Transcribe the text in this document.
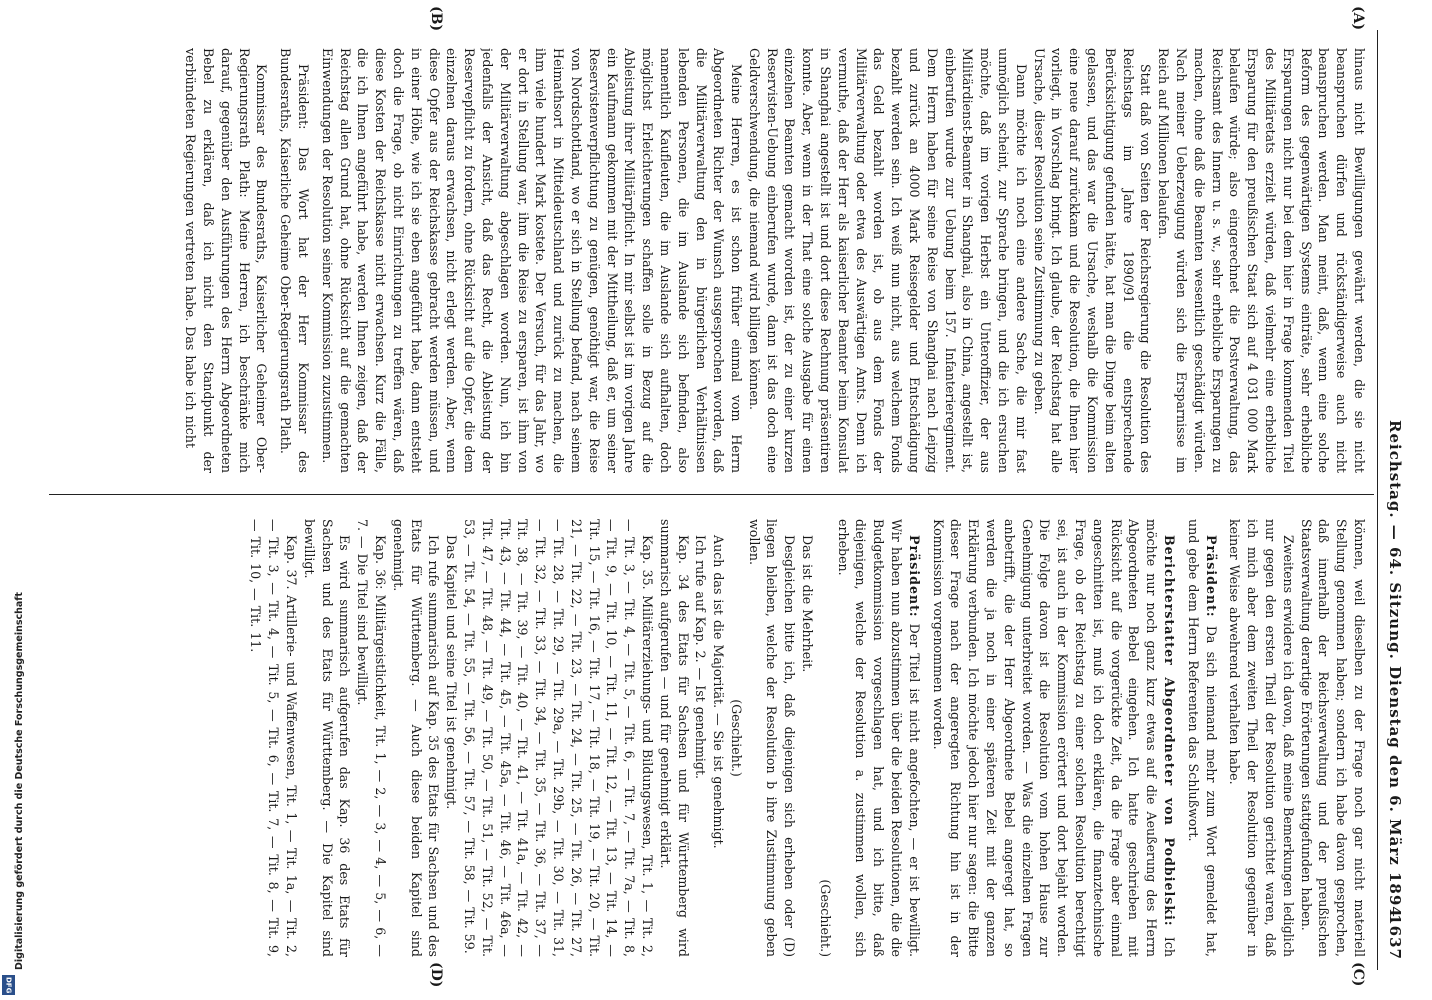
Reichstag. — 64. Sitzung. Dienstag den 6. März 1894.
1637
(A)
(B)
(C)
(D)

hinaus nicht Bewilligungen gewährt werden, die sie nicht beanspruchen dürfen und rückständigerweise auch nicht beanspruchen werden. Man meint, daß, wenn eine solche Reform des gegenwärtigen Systems einträte, sehr erhebliche Ersparungen nicht nur bei dem hier in Frage kommenden Titel des Militäretats erzielt würden, daß vielmehr eine erhebliche Ersparung für den preußischen Staat sich auf 4 031 000 Mark belaufen würde; also eingerechnet die Postverwaltung, das Reichsamt des Innern u. s. w., sehr erhebliche Ersparungen zu machen, ohne daß die Beamten wesentlich geschädigt würden. Nach meiner Ueberzeugung würden sich die Ersparnisse im Reich auf Millionen belaufen.

Statt daß von Seiten der Reichsregierung die Resolution des Reichstags im Jahre 1890/91 die entsprechende Berücksichtigung gefunden hätte, hat man die Dinge beim alten gelassen, und das war die Ursache, weshalb die Kommission eine neue darauf zurückkam und die Resolution, die Ihnen hier vorliegt, in Vorschlag bringt. Ich glaube, der Reichstag hat alle Ursache, dieser Resolution seine Zustimmung zu geben.

Dann möchte ich noch eine andere Sache, die mir fast unmöglich scheint, zur Sprache bringen, und die ich ersuchen möchte, daß im vorigen Herbst ein Unteroffizier, der aus Militärdienst-Beamter in Shanghai, also in China, angestellt ist, einberufen wurde zur Uebung beim 157. Infanterieregiment. Dem Herrn haben für seine Reise von Shanghai nach Leipzig und zurück an 4000 Mark Reisegelder und Entschädigung bezahlt werden sein. Ich weiß nun nicht, aus welchem Fonds das Geld bezahlt worden ist, ob aus dem Fonds der Militärverwaltung oder etwa des Auswärtigen Amts. Denn ich vermuthe, daß der Herr als kaiserlicher Beamter beim Konsulat in Shanghai angestellt ist und dort diese Rechnung präsentiren konnte. Aber, wenn in der That eine solche Ausgabe für einen einzelnen Beamten gemacht worden ist, der zu einer kurzen Reservisten-Uebung einberufen wurde, dann ist das doch eine Geldverschwendung, die niemand wird billigen können.

Meine Herren, es ist schon früher einmal vom Herrn Abgeordneten Richter der Wunsch ausgesprochen worden, daß die Militärverwaltung den in bürgerlichen Verhältnissen lebenden Personen, die im Auslande sich befinden, also namentlich Kaufleuten, die im Auslande sich aufhalten, doch möglichst Erleichterungen schaffen solle in Bezug auf die Ableistung ihrer Militärpflicht. In mir selbst ist im vorigen Jahre ein Kaufmann gekommen mit der Mittheilung, daß er, um seiner Reservistenverpflichtung zu genügen, genöthigt war, die Reise von Nordschottland, wo er sich in Stellung befand, nach seinem Heimathsort in Mitteldeutschland und zurück zu machen, die ihm viele hundert Mark kostete. Der Versuch, für das Jahr, wo er dort in Stellung war, ihm die Reise zu ersparen, ist ihm von der Militärverwaltung abgeschlagen worden. Nun, ich bin jedenfalls der Ansicht, daß das Recht, die Ableistung der Reservepflicht zu fordern, ohne Rücksicht auf die Opfer, die dem einzelnen daraus erwachsen, nicht erlegt werden. Aber, wenn diese Opfer aus der Reichskasse gebracht werden müssen, und in einer Höhe, wie ich sie eben angeführt habe, dann entsteht doch die Frage, ob nicht Einrichtungen zu treffen wären, daß diese Kosten der Reichskasse nicht erwachsen. Kurz die Fälle, die ich Ihnen angeführt habe, werden Ihnen zeigen, daß der Reichstag allen Grund hat, ohne Rücksicht auf die gemachten Einwendungen der Resolution seiner Kommission zuzustimmen.

Präsident: Das Wort hat der Herr Kommissar des Bundesraths, Kaiserliche Geheime Ober-Regierungsrath Plath.

Kommissar des Bundesraths, Kaiserlicher Geheimer Ober-Regierungsrath Plath: Meine Herren, ich beschränke mich darauf, gegenüber den Ausführungen des Herrn Abgeordneten Bebel zu erklären, daß ich nicht den Standpunkt der verbündeten Regierungen vertreten habe. Das habe ich nicht

können, weil dieselben zu der Frage noch gar nicht materiell Stellung genommen haben; sondern ich habe davon gesprochen, daß innerhalb der Reichsverwaltung und der preußischen Staatsverwaltung derartige Erörterungen stattgefunden haben.

Zweitens erwidere ich davon, daß meine Bemerkungen lediglich nur gegen den ersten Theil der Resolution gerichtet waren, daß ich mich aber dem zweiten Theil der Resolution gegenüber in keiner Weise abwehrend verhalten habe.

Präsident: Da sich niemand mehr zum Wort gemeldet hat, und gebe dem Herrn Referenten das Schlußwort.

Berichterstatter Abgeordneter von Podbielski: Ich möchte nur noch ganz kurz etwas auf die Aeußerung des Herrn Abgeordneten Bebel eingehen. Ich hatte geschrieben mit Rücksicht auf die vorgerückte Zeit, da die Frage aber einmal angeschnitten ist, muß ich doch erklären, die finanztechnische Frage, ob der Reichstag zu einer solchen Resolution berechtigt sei, ist auch in der Kommission erörtert und dort bejaht worden. Die Folge davon ist die Resolution vom hohen Hause zur Genehmigung unterbreitet worden. — Was die einzelnen Fragen anbetrifft, die der Herr Abgeordnete Bebel angeregt hat, so werden die ja noch in einer späteren Zeit mit der ganzen Erklärung verbunden. Ich möchte jedoch hier nur sagen: die Bitte dieser Frage nach der angeregten Richtung hin ist in der Kommission vorgenommen worden.

Präsident: Der Titel ist nicht angefochten, — er ist bewilligt. Wir haben nun abzustimmen über die beiden Resolutionen, die die Budgetkommission vorgeschlagen hat, und ich bitte, daß diejenigen, welche der Resolution a. zustimmen wollen, sich erheben.

(Geschieht.)

Das ist die Mehrheit.

Desgleichen bitte ich, daß diejenigen sich erheben oder (D) liegen bleiben, welche der Resolution b ihre Zustimmung geben wollen.

(Geschieht.)

Auch das ist die Majorität. — Sie ist genehmigt.

Ich rufe auf Kap. 2. — Ist genehmigt.

Kap. 34 des Etats für Sachsen und für Württemberg wird summarisch aufgerufen — und für genehmigt erklärt.

Kap. 35. Militärerziehungs- und Bildungswesen, Tit. 1, — Tit. 2, — Tit. 3, — Tit. 4, — Tit. 5, — Tit. 6, — Tit. 7, — Tit. 7a, — Tit. 8, — Tit. 9, — Tit. 10, — Tit. 11, — Tit. 12, — Tit. 13, — Tit. 14, — Tit. 15, — Tit. 16, — Tit. 17, — Tit. 18, — Tit. 19, — Tit. 20, — Tit. 21, — Tit. 22, — Tit. 23, — Tit. 24, — Tit. 25, — Tit. 26, — Tit. 27, — Tit. 28, — Tit. 29, — Tit. 29a, — Tit. 29b, — Tit. 30, — Tit. 31, — Tit. 32, — Tit. 33, — Tit. 34, — Tit. 35, — Tit. 36, — Tit. 37, — Tit. 38, — Tit. 39, — Tit. 40, — Tit. 41, — Tit. 41a, — Tit. 42, — Tit. 43, — Tit. 44, — Tit. 45, — Tit. 45a, — Tit. 46, — Tit. 46a, — Tit. 47, — Tit. 48, — Tit. 49, — Tit. 50, — Tit. 51, — Tit. 52, — Tit. 53, — Tit. 54, — Tit. 55, — Tit. 56, — Tit. 57, — Tit. 58, — Tit. 59.

Das Kapitel und seine Titel ist genehmigt.

Ich rufe summarisch auf Kap. 35 des Etats für Sachsen und des Etats für Württemberg. — Auch diese beiden Kapitel sind genehmigt.

Kap. 36: Militärgeistlichkeit, Tit. 1, — 2, — 3, — 4, — 5, — 6, — 7. — Die Titel sind bewilligt.

Es wird summarisch aufgerufen das Kap. 36 des Etats für Sachsen und des Etats für Württemberg. — Die Kapitel sind bewilligt.

Kap. 37. Artillerie- und Waffenwesen, Tit. 1, — Tit. 1a, — Tit. 2, — Tit. 3, — Tit. 4, — Tit. 5, — Tit. 6, — Tit. 7, — Tit. 8, — Tit. 9, — Tit. 10, — Tit. 11.

Digitalisierung gefördert durch die Deutsche Forschungsgemeinschaft
DFG
